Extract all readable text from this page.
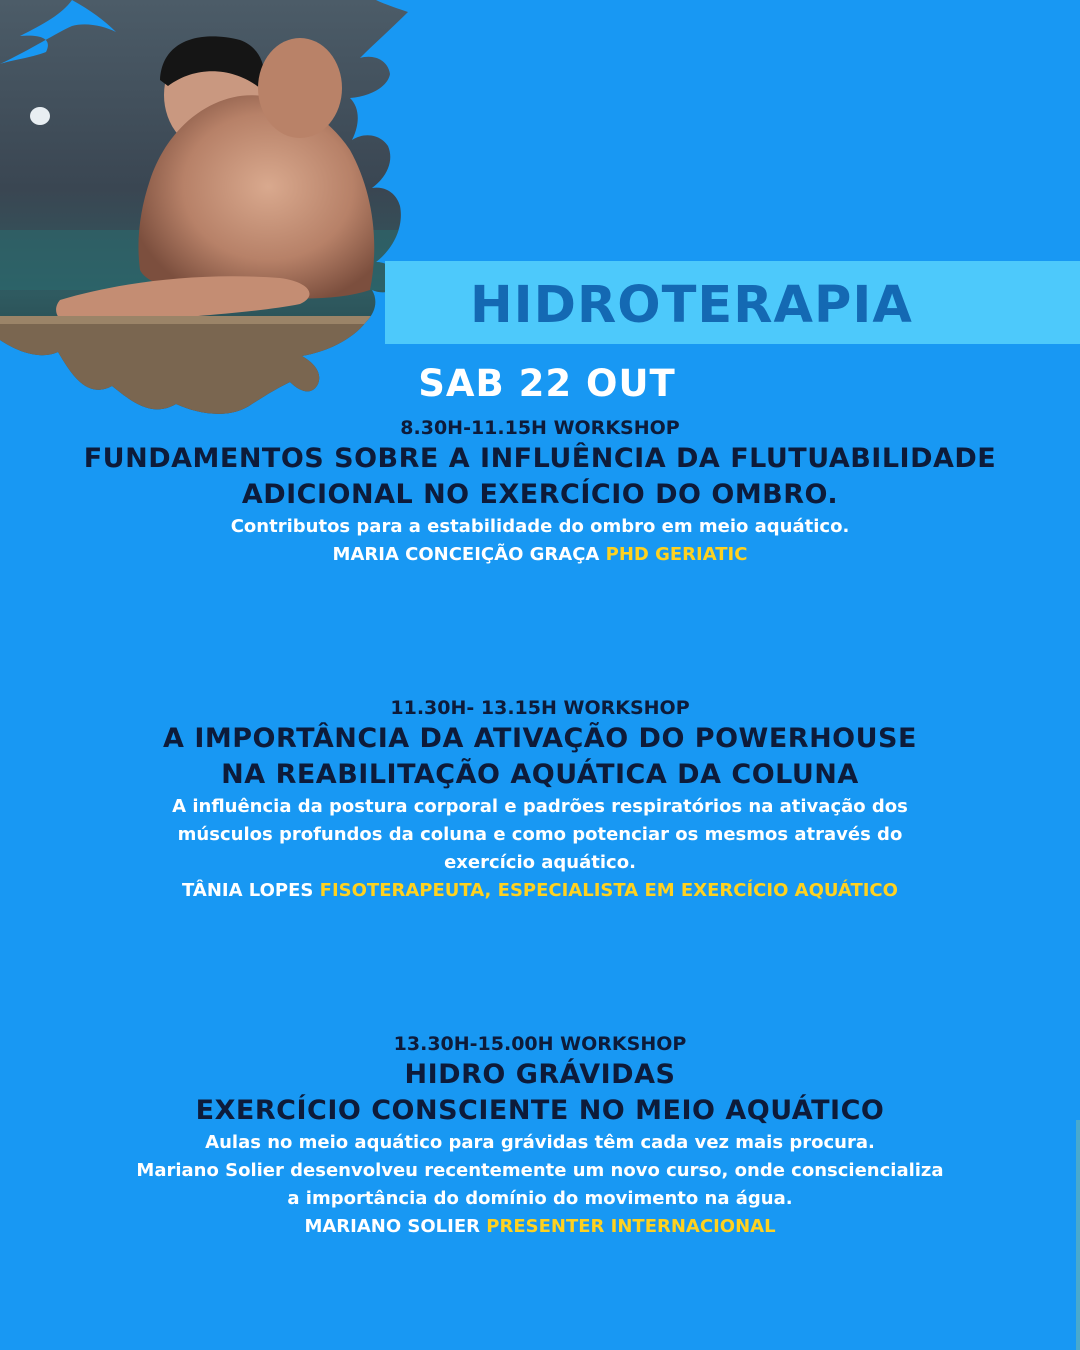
HIDROTERAPIA
SAB 22 OUT
8.30H-11.15H WORKSHOP
FUNDAMENTOS SOBRE A INFLUÊNCIA DA FLUTUABILIDADE
ADICIONAL NO EXERCÍCIO DO OMBRO.
Contributos para a estabilidade do ombro em meio aquático.
MARIA CONCEIÇÃO GRAÇA PHD GERIATIC
11.30H- 13.15H WORKSHOP
A IMPORTÂNCIA DA ATIVAÇÃO DO POWERHOUSE
NA REABILITAÇÃO AQUÁTICA DA COLUNA
A influência da postura corporal e padrões respiratórios na ativação dos
músculos profundos da coluna e como potenciar os mesmos através do
exercício aquático.
TÂNIA LOPES FISOTERAPEUTA, ESPECIALISTA EM EXERCÍCIO AQUÁTICO
13.30H-15.00H WORKSHOP
HIDRO GRÁVIDAS
EXERCÍCIO CONSCIENTE NO MEIO AQUÁTICO
Aulas no meio aquático para grávidas têm cada vez mais procura.
Mariano Solier desenvolveu recentemente um novo curso, onde consciencializa
a importância do domínio do movimento na água.
MARIANO SOLIER PRESENTER INTERNACIONAL
